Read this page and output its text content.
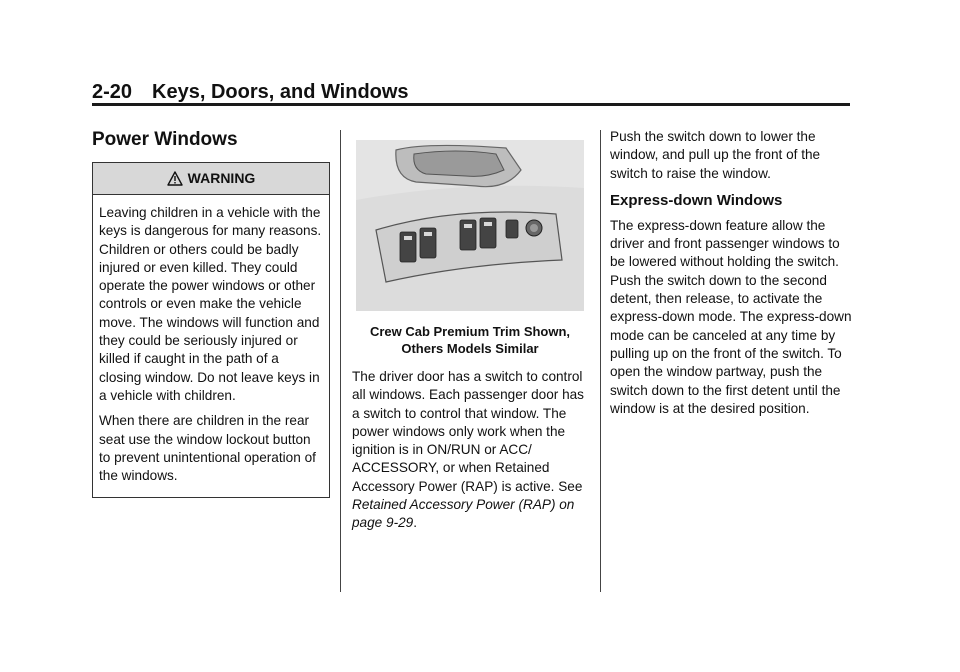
2-20 Keys, Doors, and Windows
Power Windows
WARNING

Leaving children in a vehicle with the keys is dangerous for many reasons. Children or others could be badly injured or even killed. They could operate the power windows or other controls or even make the vehicle move. The windows will function and they could be seriously injured or killed if caught in the path of a closing window. Do not leave keys in a vehicle with children.

When there are children in the rear seat use the window lockout button to prevent unintentional operation of the windows.

Crew Cab Premium Trim Shown,
Others Models Similar

The driver door has a switch to control all windows. Each passenger door has a switch to control that window. The power windows only work when the ignition is in ON/RUN or ACC/ ACCESSORY, or when Retained Accessory Power (RAP) is active. See Retained Accessory Power (RAP) on page 9-29.

Push the switch down to lower the window, and pull up the front of the switch to raise the window.

Express-down Windows

The express-down feature allow the driver and front passenger windows to be lowered without holding the switch. Push the switch down to the second detent, then release, to activate the express-down mode. The express-down mode can be canceled at any time by pulling up on the front of the switch. To open the window partway, push the switch down to the first detent until the window is at the desired position.
